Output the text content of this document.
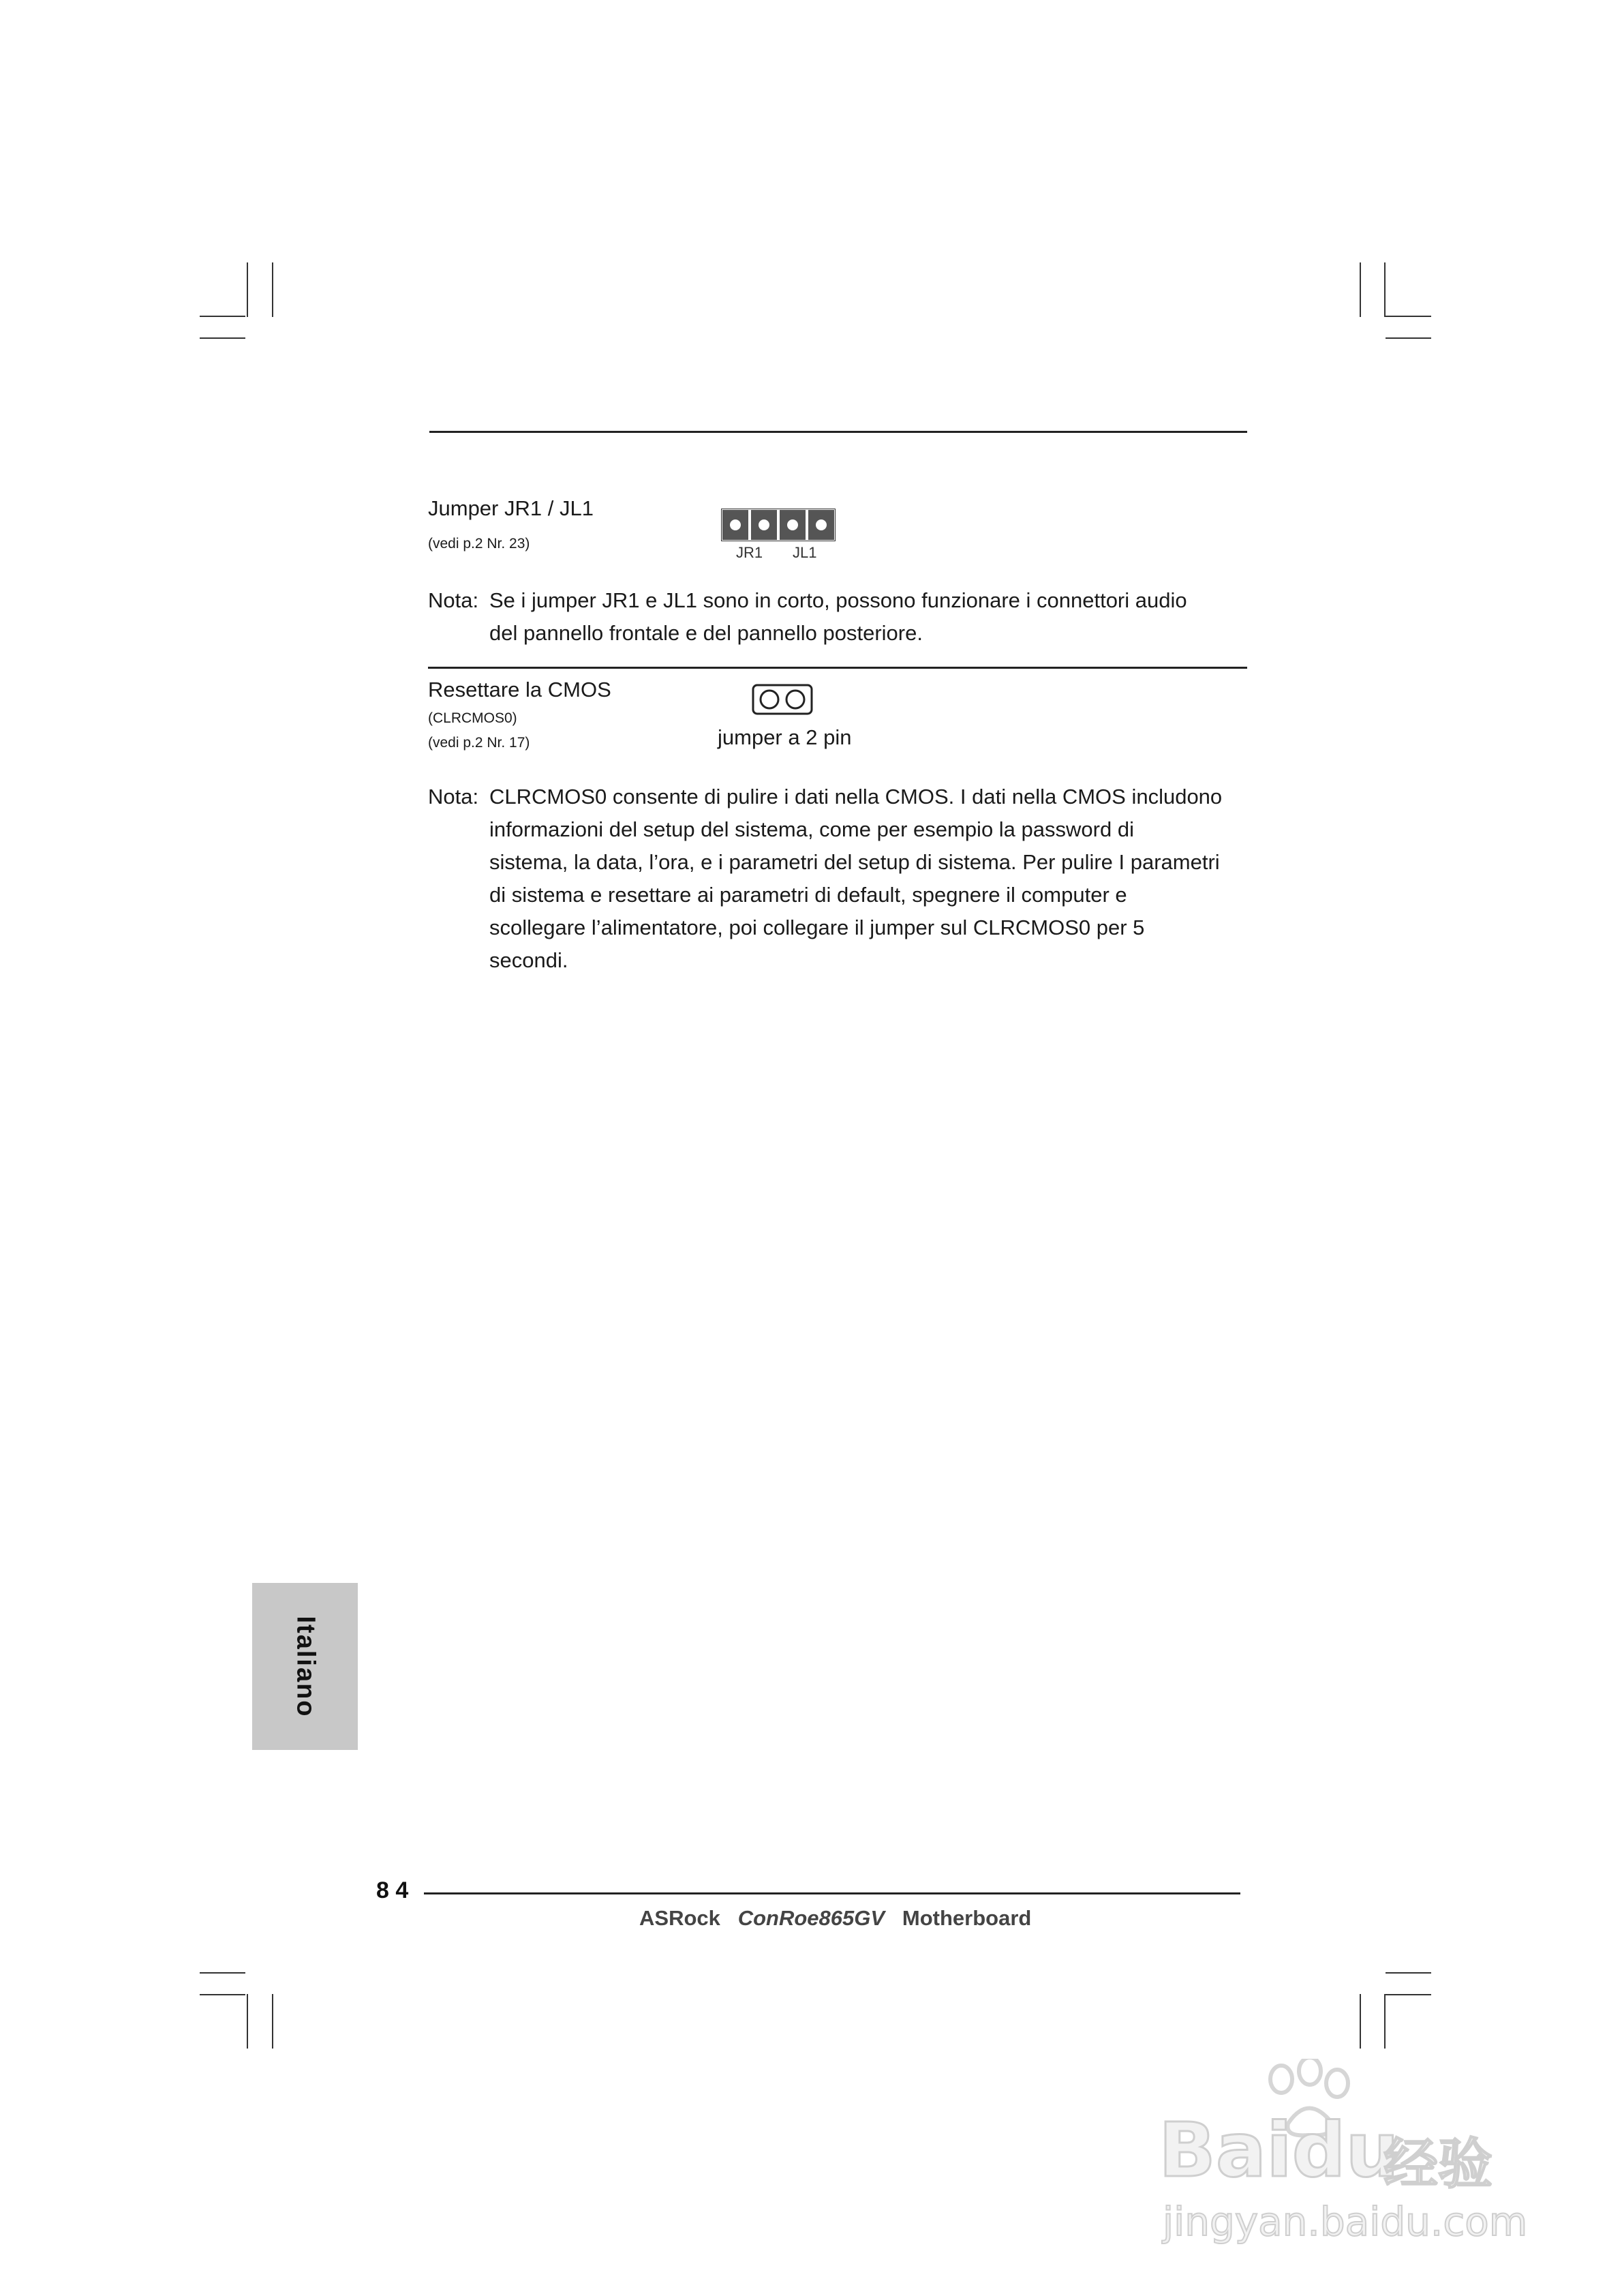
Jumper JR1 / JL1
(vedi p.2 Nr. 23)
JR1 JL1
Nota: Se i jumper JR1 e JL1 sono in corto, possono funzionare i connettori audio
del pannello frontale e del pannello posteriore.
Resettare la CMOS
(CLRCMOS0)
(vedi p.2 Nr. 17)	jumper a 2 pin
Nota: CLRCMOS0 consente di pulire i dati nella CMOS. I dati nella CMOS includono
informazioni del setup del sistema, come per esempio la password di
sistema, la data, l’ora, e i parametri del setup di sistema. Per pulire I parametri
di sistema e resettare ai parametri di default, spegnere il computer e
scollegare l’alimentatore, poi collegare il jumper sul CLRCMOS0 per 5
secondi.
Italiano
8 4
ASRock ConRoe865GV Motherboard
Baidu
经验
jingyan.baidu.com
